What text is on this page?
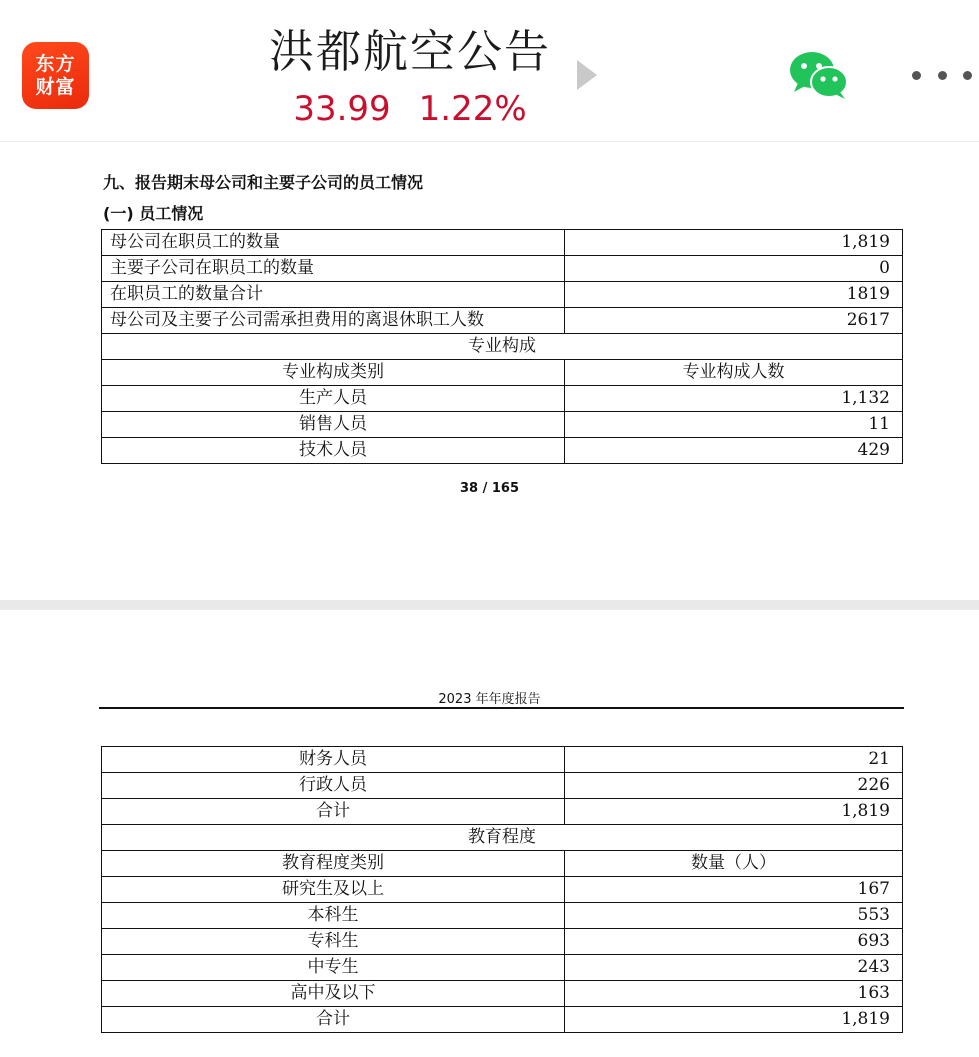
东方
财富
洪都航空公告
33.99 1.22%
九、报告期末母公司和主要子公司的员工情况
(一) 员工情况
母公司在职员工的数量	1,819
主要子公司在职员工的数量	0
在职员工的数量合计	1819
母公司及主要子公司需承担费用的离退休职工人数	2617
专业构成	
专业构成类别	专业构成人数
生产人员	1,132
销售人员	11
技术人员	429
38 / 165
2023 年年度报告
财务人员	21
行政人员	226
合计	1,819
教育程度	
教育程度类别	数量（人）
研究生及以上	167
本科生	553
专科生	693
中专生	243
高中及以下	163
合计	1,819
